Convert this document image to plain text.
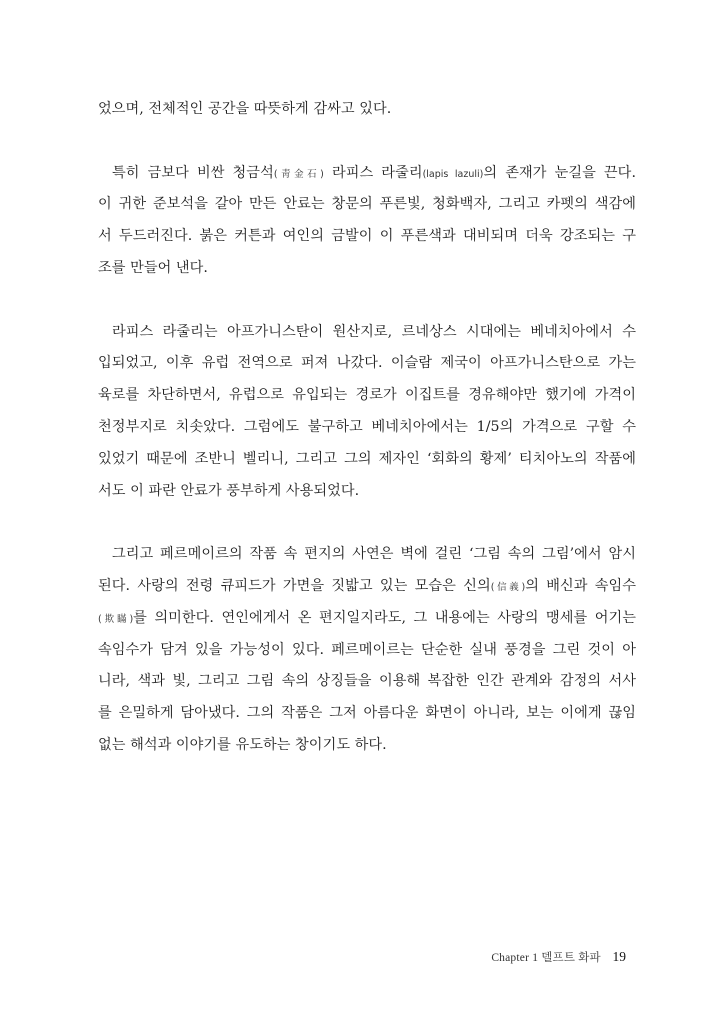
었으며, 전체적인 공간을 따뜻하게 감싸고 있다.
특히 금보다 비싼 청금석(靑金石) 라피스 라줄리(lapis lazuli)의 존재가 눈길을 끈다.
이 귀한 준보석을 갈아 만든 안료는 창문의 푸른빛, 청화백자, 그리고 카펫의 색감에
서 두드러진다. 붉은 커튼과 여인의 금발이 이 푸른색과 대비되며 더욱 강조되는 구
조를 만들어 낸다.
라피스 라줄리는 아프가니스탄이 원산지로, 르네상스 시대에는 베네치아에서 수
입되었고, 이후 유럽 전역으로 퍼져 나갔다. 이슬람 제국이 아프가니스탄으로 가는
육로를 차단하면서, 유럽으로 유입되는 경로가 이집트를 경유해야만 했기에 가격이
천정부지로 치솟았다. 그럼에도 불구하고 베네치아에서는 1/5의 가격으로 구할 수
있었기 때문에 조반니 벨리니, 그리고 그의 제자인 ‘회화의 황제’ 티치아노의 작품에
서도 이 파란 안료가 풍부하게 사용되었다.
그리고 페르메이르의 작품 속 편지의 사연은 벽에 걸린 ‘그림 속의 그림’에서 암시
된다. 사랑의 전령 큐피드가 가면을 짓밟고 있는 모습은 신의(信義)의 배신과 속임수
(欺瞞)를 의미한다. 연인에게서 온 편지일지라도, 그 내용에는 사랑의 맹세를 어기는
속임수가 담겨 있을 가능성이 있다. 페르메이르는 단순한 실내 풍경을 그린 것이 아
니라, 색과 빛, 그리고 그림 속의 상징들을 이용해 복잡한 인간 관계와 감정의 서사
를 은밀하게 담아냈다. 그의 작품은 그저 아름다운 화면이 아니라, 보는 이에게 끊임
없는 해석과 이야기를 유도하는 창이기도 하다.
Chapter 1 델프트 화파 19
